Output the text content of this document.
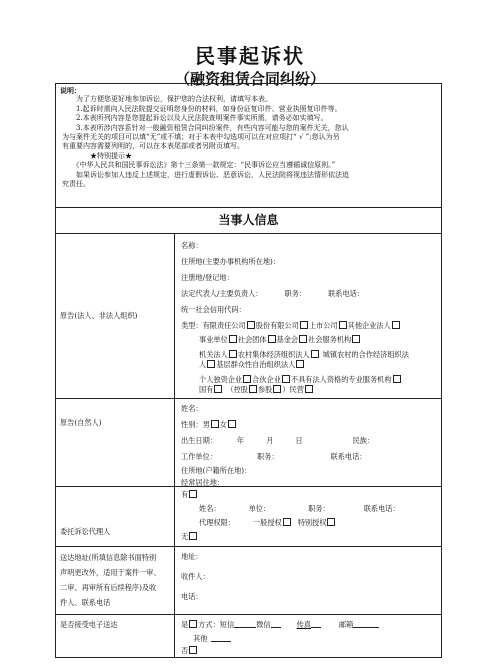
民事起诉状
（融资租赁合同纠纷）

说明：

　　为了方便您更好地参加诉讼，保护您的合法权利，请填写本表。

　　1.起诉时需向人民法院提交证明您身份的材料，如身份证复印件、营业执照复印件等。

　　2.本表所列内容是您提起诉讼以及人民法院查明案件事实所需，请务必如实填写。

　　3.本表所涉内容系针对一般融资租赁合同纠纷案件，有些内容可能与您的案件无关，您认

为与案件无关的项目可以填“无”或不填；对于本表中勾选项可以在对应项打“ √ ”;您认为另

有重要内容需要列明的，可以在本表尾部或者另附页填写。

　　　　★特别提示★

　　《中华人民共和国民事诉讼法》第十三条第一款规定：“民事诉讼应当遵循诚信原则。”

　　如果诉讼参加人违反上述规定，进行虚假诉讼、恶意诉讼，人民法院将视违法情形依法追

究责任。

当事人信息
原告(法人、非法人组织)
名称：
住所地(主要办事机构所在地)：
注册地/登记地：
法定代表人/主要负责人：	职务：	联系电话：
统一社会信用代码：
类型：有限责任公司 股份有限公司 上市公司 其他企业法人
事业单位 社会团体 基金会 社会服务机构
机关法人 农村集体经济组织法人 城镇农村的合作经济组织法
人 基层群众性自治组织法人
个人独资企业 合伙企业 不具有法人资格的专业服务机构
国有 （控股 参股 ）民营
原告(自然人)
姓名：
性别：男 女
出生日期：	年	月	日	民族：
工作单位：	职务：	联系电话：
住所地(户籍所在地)：
经常居住地：
委托诉讼代理人
有
姓名：	单位：	职务：	联系电话：
代理权限：	一般授权 特别授权
无
送达地址(所填信息除书面特别
声明更改外，适用于案件一审、
二审、再审所有后续程序)及收
件人、联系电话
地址：
收件人：
电话：
是否接受电子送达	是 方式：短信	微信	传真	邮箱
其他
否
